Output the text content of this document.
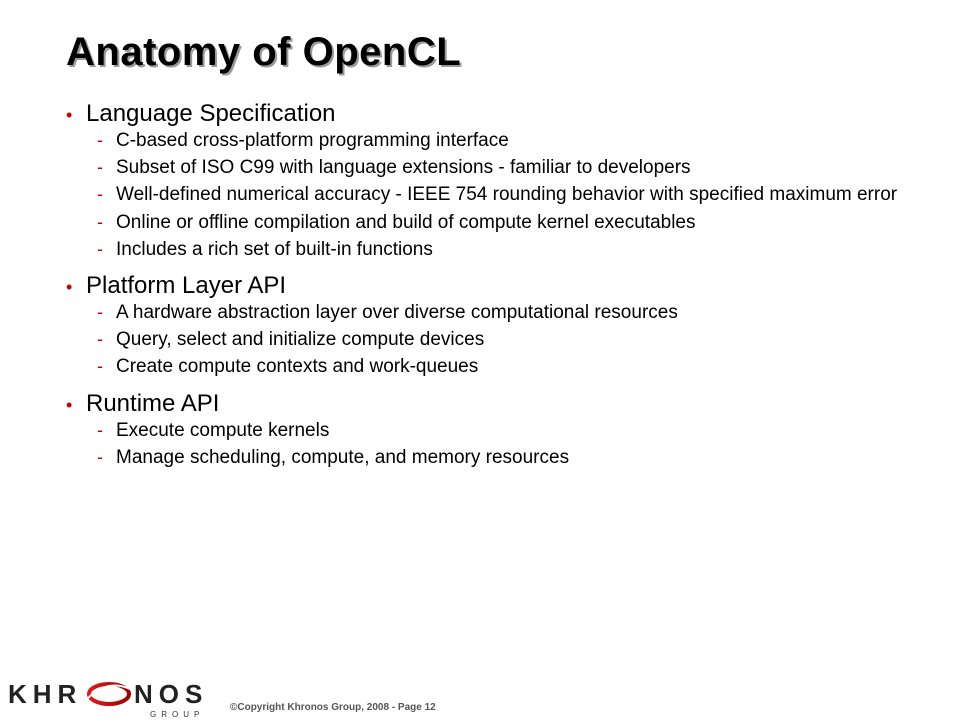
Anatomy of OpenCL
• Language Specification
- C-based cross-platform programming interface
- Subset of ISO C99 with language extensions - familiar to developers
- Well-defined numerical accuracy - IEEE 754 rounding behavior with specified maximum error
- Online or offline compilation and build of compute kernel executables
- Includes a rich set of built-in functions
• Platform Layer API
- A hardware abstraction layer over diverse computational resources
- Query, select and initialize compute devices
- Create compute contexts and work-queues
• Runtime API
- Execute compute kernels
- Manage scheduling, compute, and memory resources
KHR NOS
GROUP
©Copyright Khronos Group, 2008 - Page 12
